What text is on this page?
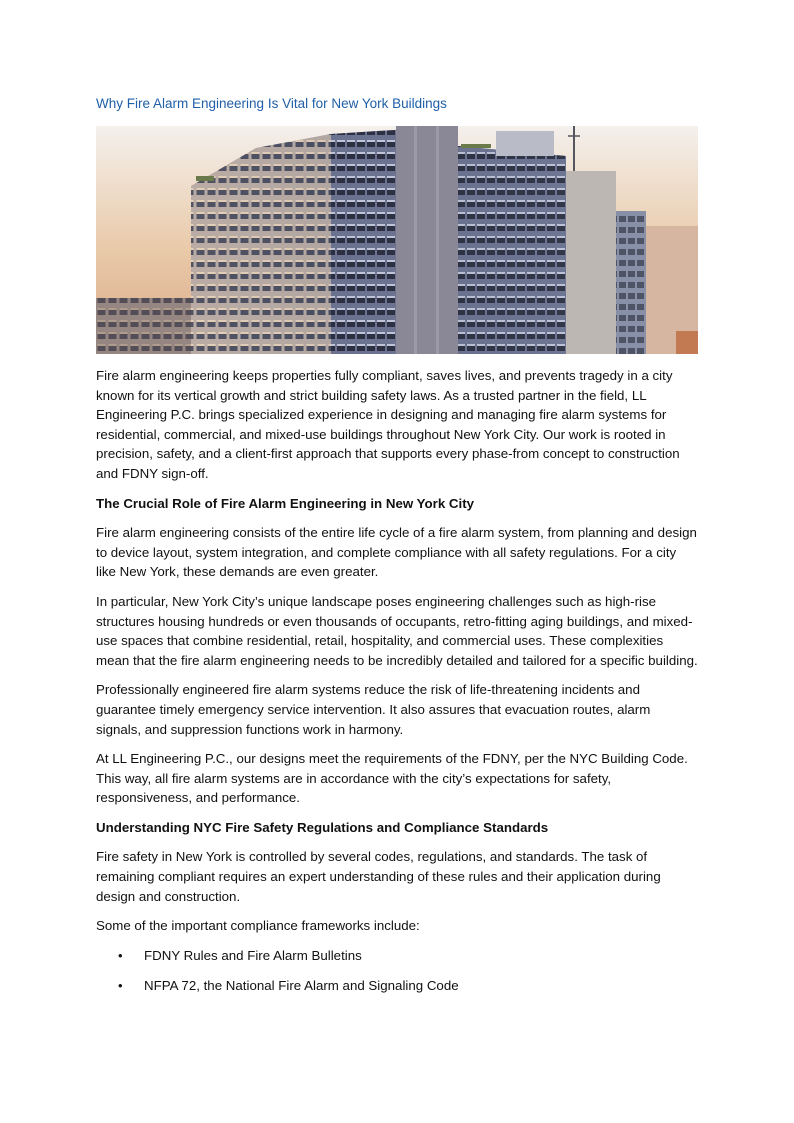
Why Fire Alarm Engineering Is Vital for New York Buildings

Fire alarm engineering keeps properties fully compliant, saves lives, and prevents tragedy in a city known for its vertical growth and strict building safety laws. As a trusted partner in the field, LL Engineering P.C. brings specialized experience in designing and managing fire alarm systems for residential, commercial, and mixed-use buildings throughout New York City. Our work is rooted in precision, safety, and a client-first approach that supports every phase-from concept to construction and FDNY sign-off.

The Crucial Role of Fire Alarm Engineering in New York City

Fire alarm engineering consists of the entire life cycle of a fire alarm system, from planning and design to device layout, system integration, and complete compliance with all safety regulations. For a city like New York, these demands are even greater.

In particular, New York City’s unique landscape poses engineering challenges such as high-rise structures housing hundreds or even thousands of occupants, retro-fitting aging buildings, and mixed-use spaces that combine residential, retail, hospitality, and commercial uses. These complexities mean that the fire alarm engineering needs to be incredibly detailed and tailored for a specific building.

Professionally engineered fire alarm systems reduce the risk of life-threatening incidents and guarantee timely emergency service intervention. It also assures that evacuation routes, alarm signals, and suppression functions work in harmony.

At LL Engineering P.C., our designs meet the requirements of the FDNY, per the NYC Building Code. This way, all fire alarm systems are in accordance with the city’s expectations for safety, responsiveness, and performance.

Understanding NYC Fire Safety Regulations and Compliance Standards

Fire safety in New York is controlled by several codes, regulations, and standards. The task of remaining compliant requires an expert understanding of these rules and their application during design and construction.

Some of the important compliance frameworks include:

• FDNY Rules and Fire Alarm Bulletins
• NFPA 72, the National Fire Alarm and Signaling Code
